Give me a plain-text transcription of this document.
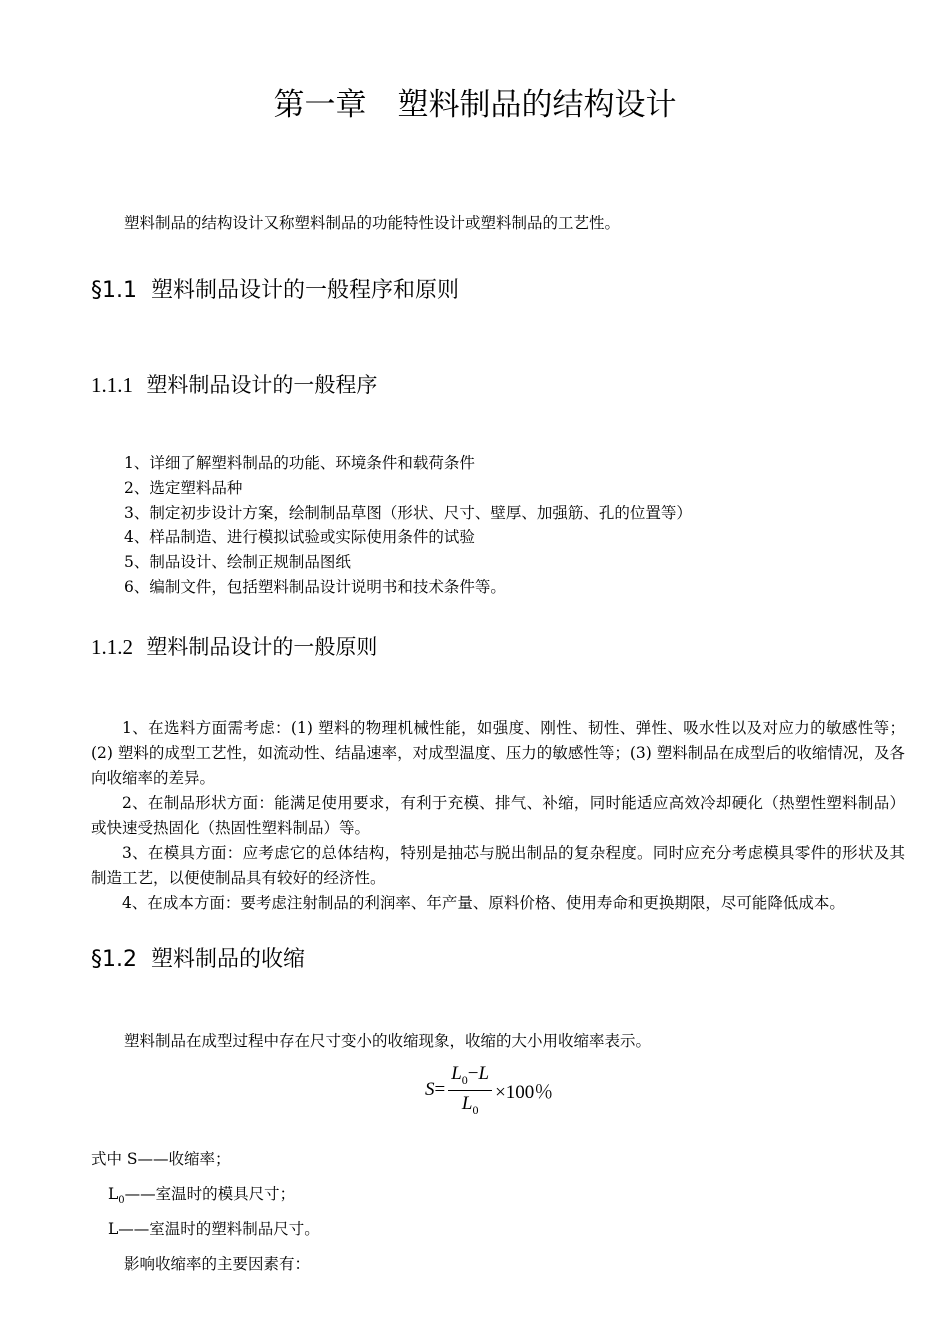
第一章　塑料制品的结构设计
塑料制品的结构设计又称塑料制品的功能特性设计或塑料制品的工艺性。
§1.1 塑料制品设计的一般程序和原则
1.1.1 塑料制品设计的一般程序
1、详细了解塑料制品的功能、环境条件和载荷条件
2、选定塑料品种
3、制定初步设计方案，绘制制品草图（形状、尺寸、壁厚、加强筋、孔的位置等）
4、样品制造、进行模拟试验或实际使用条件的试验
5、制品设计、绘制正规制品图纸
6、编制文件，包括塑料制品设计说明书和技术条件等。
1.1.2 塑料制品设计的一般原则

1、在选料方面需考虑：(1) 塑料的物理机械性能，如强度、刚性、韧性、弹性、吸水性以及对应力的敏感性等；(2) 塑料的成型工艺性，如流动性、结晶速率，对成型温度、压力的敏感性等；(3) 塑料制品在成型后的收缩情况，及各向收缩率的差异。

2、在制品形状方面：能满足使用要求，有利于充模、排气、补缩，同时能适应高效冷却硬化（热塑性塑料制品）或快速受热固化（热固性塑料制品）等。

3、在模具方面：应考虑它的总体结构，特别是抽芯与脱出制品的复杂程度。同时应充分考虑模具零件的形状及其制造工艺，以便使制品具有较好的经济性。

4、在成本方面：要考虑注射制品的利润率、年产量、原料价格、使用寿命和更换期限，尽可能降低成本。

§1.2 塑料制品的收缩
塑料制品在成型过程中存在尺寸变小的收缩现象，收缩的大小用收缩率表示。
$S = \frac{L_0-L}{L_0} \times 100$％
式中 S——收缩率；
$L_0——$室温时的模具尺寸；
L——室温时的塑料制品尺寸。
影响收缩率的主要因素有：
